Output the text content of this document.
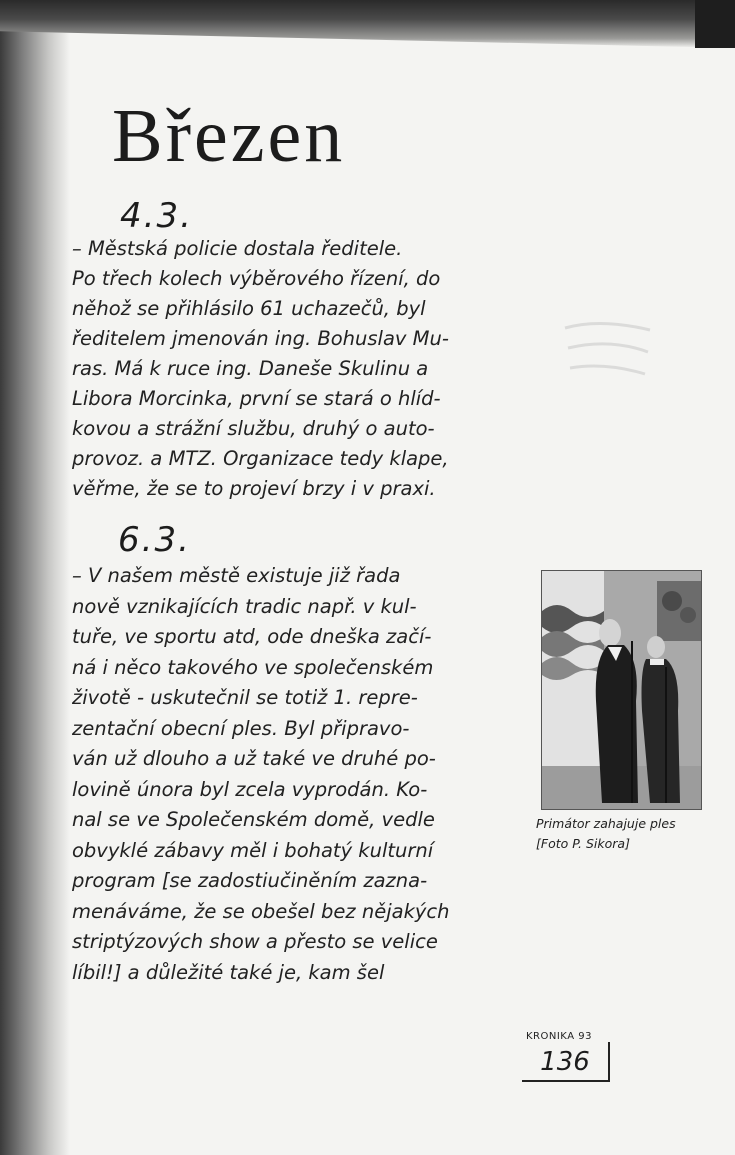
Březen
4.3.
– Městská policie dostala ředitele.
Po třech kolech výběrového řízení, do
něhož se přihlásilo 61 uchazečů, byl
ředitelem jmenován ing. Bohuslav Mu-
ras. Má k ruce ing. Daneše Skulinu a
Libora Morcinka, první se stará o hlíd-
kovou a strážní službu, druhý o auto-
provoz. a MTZ. Organizace tedy klape,
věřme, že se to projeví brzy i v praxi.
6.3.
– V našem městě existuje již řada
nově vznikajících tradic např. v kul-
tuře, ve sportu atd, ode dneška začí-
ná i něco takového ve společenském
životě - uskutečnil se totiž 1. repre-
zentační obecní ples. Byl připravo-
ván už dlouho a už také ve druhé po-
lovině února byl zcela vyprodán. Ko-
nal se ve Společenském domě, vedle
obvyklé zábavy měl i bohatý kulturní
program [se zadostiučiněním zazna-
menáváme, že se obešel bez nějakých
striptýzových show a přesto se velice
líbil!] a důležité také je, kam šel
Primátor zahajuje ples
[Foto P. Sikora]
KRONIKA 93
136
